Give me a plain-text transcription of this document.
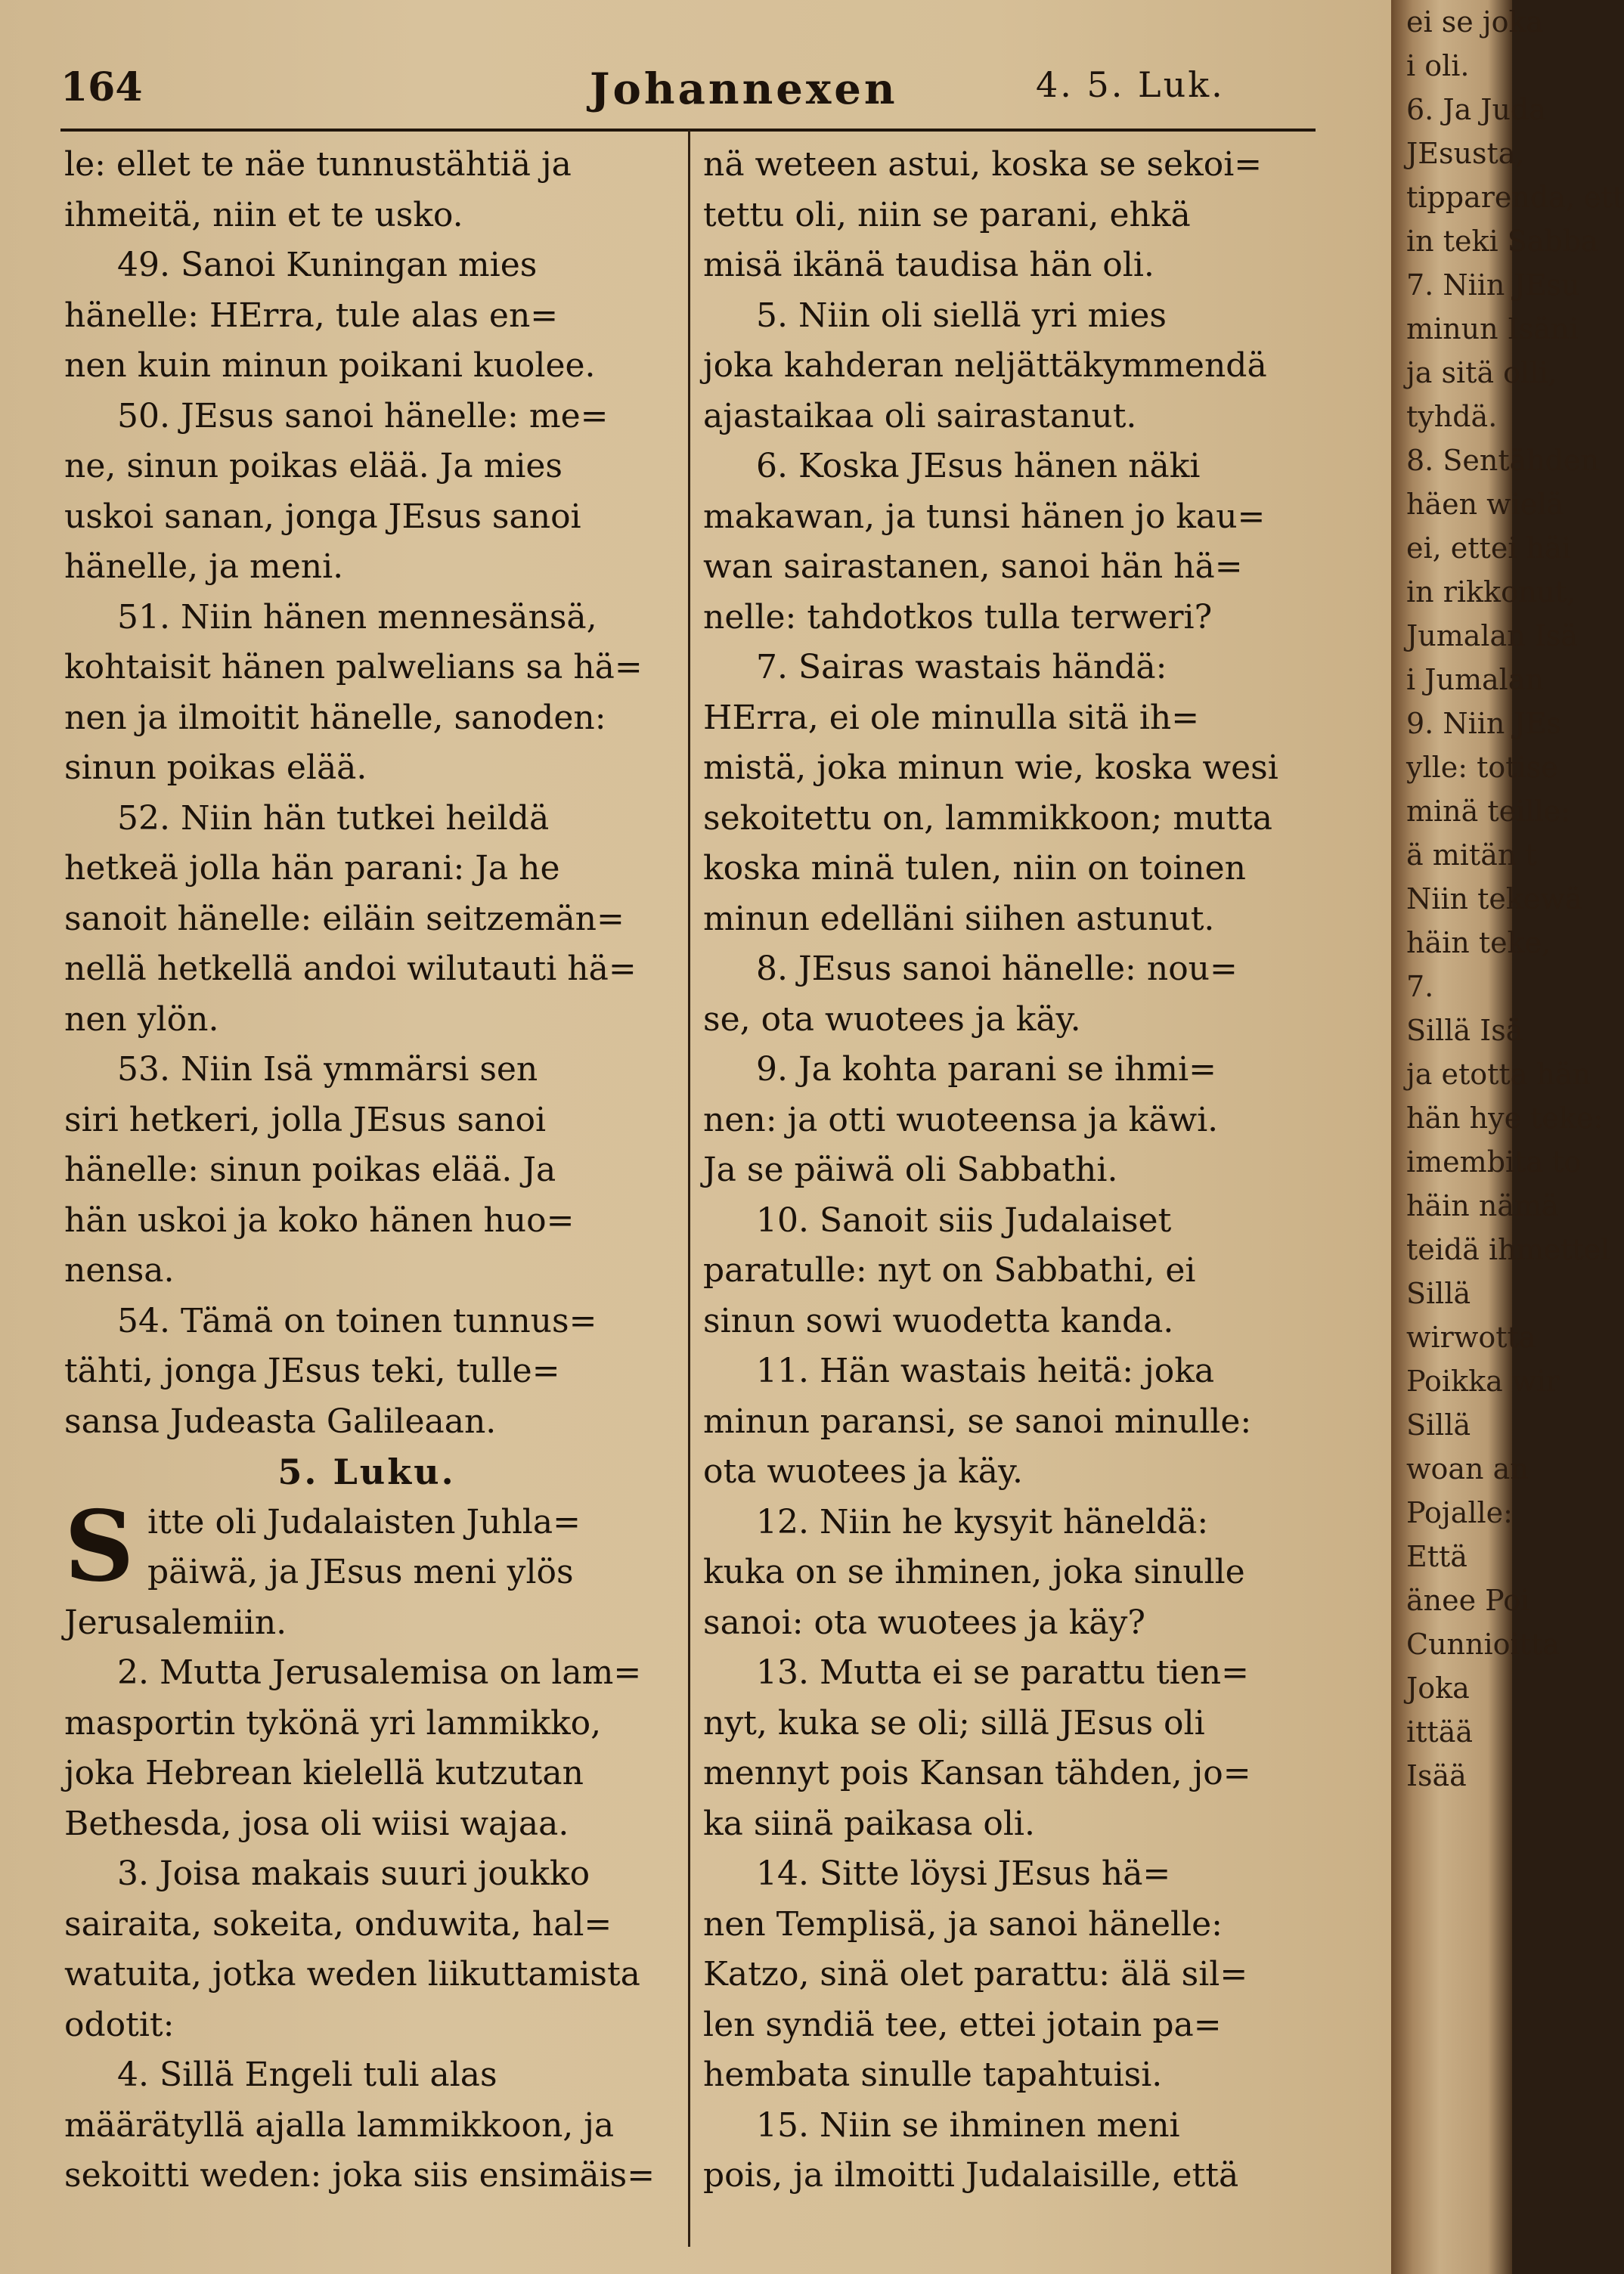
164	Johannexen	4. 5. Luk.
le: ellet te näe tunnustähtiä ja
ihmeitä, niin et te usko.
49. Sanoi Kuningan mies
hänelle: HErra, tule alas en=
nen kuin minun poikani kuolee.
50. JEsus sanoi hänelle: me=
ne, sinun poikas elää. Ja mies
uskoi sanan, jonga JEsus sanoi
hänelle, ja meni.
51. Niin hänen mennesänsä,
kohtaisit hänen palwelians sa hä=
nen ja ilmoitit hänelle, sanoden:
sinun poikas elää.
52. Niin hän tutkei heildä
hetkeä jolla hän parani: Ja he
sanoit hänelle: eiläin seitzemän=
nellä hetkellä andoi wilutauti hä=
nen ylön.
53. Niin Isä ymmärsi sen
siri hetkeri, jolla JEsus sanoi
hänelle: sinun poikas elää. Ja
hän uskoi ja koko hänen huo=
nensa.
54. Tämä on toinen tunnus=
tähti, jonga JEsus teki, tulle=
sansa Judeasta Galileaan.
5. Luku.
S itte oli Judalaisten Juhla=
päiwä, ja JEsus meni ylös
Jerusalemiin.
2. Mutta Jerusalemisa on lam=
masportin tykönä yri lammikko,
joka Hebrean kielellä kutzutan
Bethesda, josa oli wiisi wajaa.
3. Joisa makais suuri joukko
sairaita, sokeita, onduwita, hal=
watuita, jotka weden liikuttamista
odotit:
4. Sillä Engeli tuli alas
määrätyllä ajalla lammikkoon, ja
sekoitti weden: joka siis ensimäis=
nä weteen astui, koska se sekoi=
tettu oli, niin se parani, ehkä
misä ikänä taudisa hän oli.
5. Niin oli siellä yri mies
joka kahderan neljättäkymmendä
ajastaikaa oli sairastanut.
6. Koska JEsus hänen näki
makawan, ja tunsi hänen jo kau=
wan sairastanen, sanoi hän hä=
nelle: tahdotkos tulla terweri?
7. Sairas wastais händä:
HErra, ei ole minulla sitä ih=
mistä, joka minun wie, koska wesi
sekoitettu on, lammikkoon; mutta
koska minä tulen, niin on toinen
minun edelläni siihen astunut.
8. JEsus sanoi hänelle: nou=
se, ota wuotees ja käy.
9. Ja kohta parani se ihmi=
nen: ja otti wuoteensa ja käwi.
Ja se päiwä oli Sabbathi.
10. Sanoit siis Judalaiset
paratulle: nyt on Sabbathi, ei
sinun sowi wuodetta kanda.
11. Hän wastais heitä: joka
minun paransi, se sanoi minulle:
ota wuotees ja käy.
12. Niin he kysyit häneldä:
kuka on se ihminen, joka sinulle
sanoi: ota wuotees ja käy?
13. Mutta ei se parattu tien=
nyt, kuka se oli; sillä JEsus oli
mennyt pois Kansan tähden, jo=
ka siinä paikasa oli.
14. Sitte löysi JEsus hä=
nen Templisä, ja sanoi hänelle:
Katzo, sinä olet parattu: älä sil=
len syndiä tee, ettei jotain pa=
hembata sinulle tapahtuisi.
15. Niin se ihminen meni
pois, ja ilmoitti Judalaisille, että
ei se joka
i oli.
6. Ja Juda
JEsusta,
tipparenda, ett
in teki Sabba
7. Niin JEsu
minun Isäni
ja sitä olli,
tyhdä.
8. Sentähden
häen wielä
ei, ettei häi
in rikkonut,
Jumalan Isä
i Jumalan
9. Niin JEs
ylle: totise
minä teille:
ä mitän t
Niin tekewä
häin teke,
7.
Sillä Isä
ja etotta hän
hän hye teke:
imembita to
häin nämä
teidä ihmettel
Sillä
wirwotta
Poikka wir
Sillä
woan an
Pojalle:
Että
änee Poi
Cunnioitta
Joka
ittää
Isää
